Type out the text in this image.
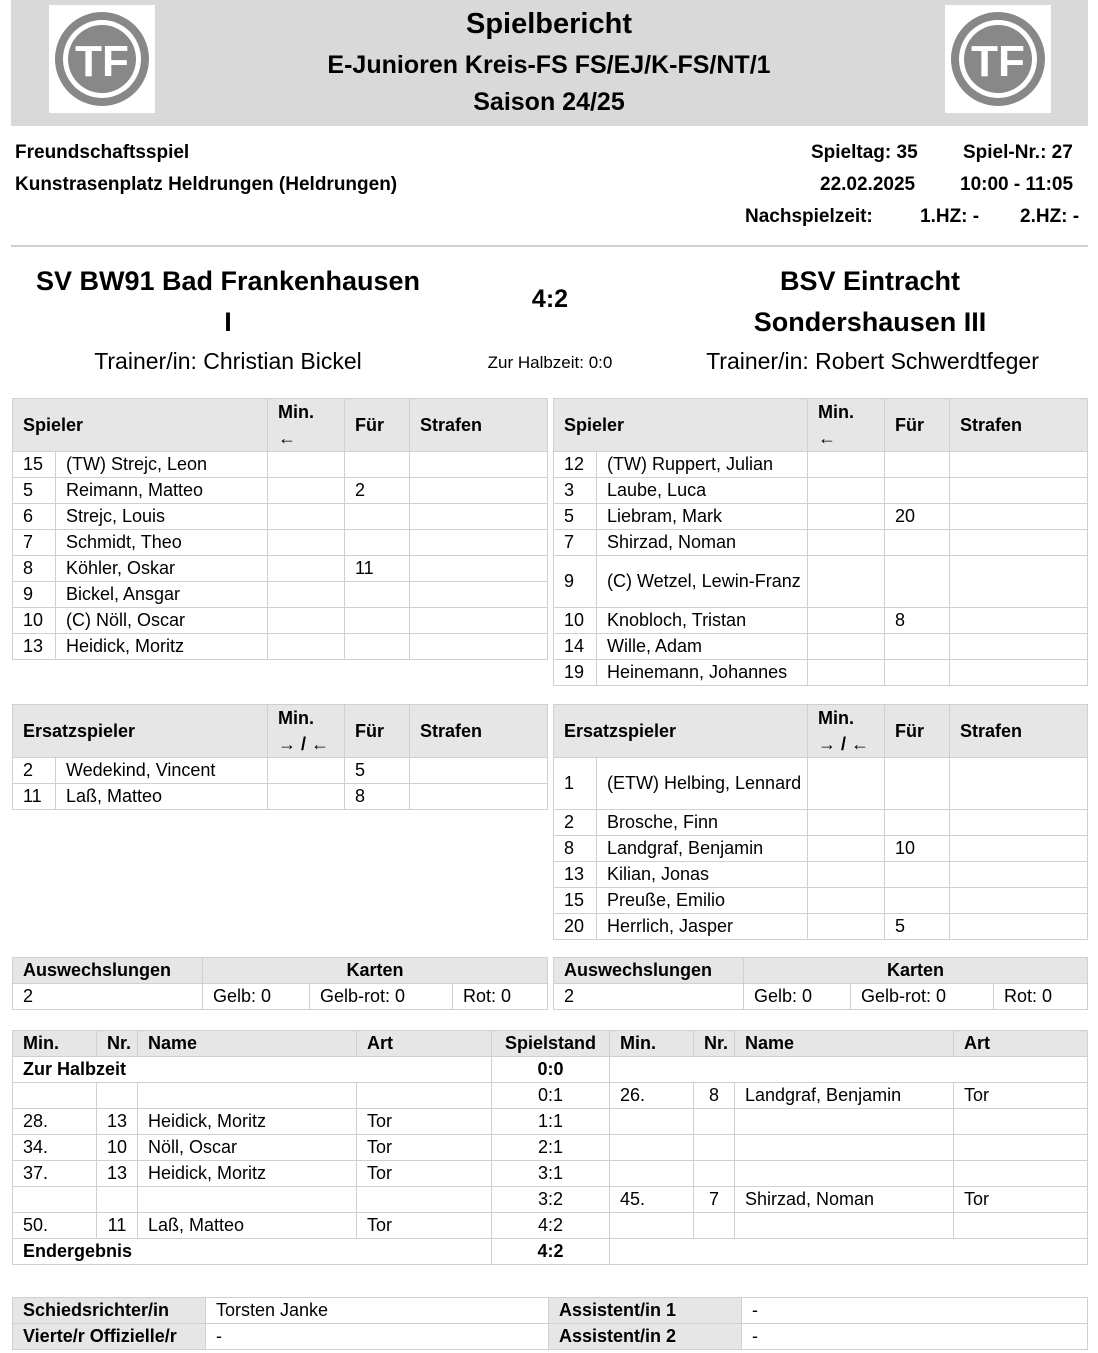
TF	TF
Spielbericht
E-Junioren Kreis-FS FS/EJ/K-FS/NT/1
Saison 24/25
Freundschaftsspiel
Kunstrasenplatz Heldrungen (Heldrungen)
Spieltag: 35 Spiel-Nr.: 27
22.02.2025 10:00 - 11:05
Nachspielzeit: 1.HZ: - 2.HZ: -
SV BW91 Bad Frankenhausen
I
4:2
BSV Eintracht
Sondershausen III
Trainer/in: Christian Bickel	Zur Halbzeit: 0:0	Trainer/in: Robert Schwerdtfeger
Spieler		Min.
←	Für	Strafen
15	(TW) Strejc, Leon			
5	Reimann, Matteo		2	
6	Strejc, Louis			
7	Schmidt, Theo			
8	Köhler, Oskar		11	
9	Bickel, Ansgar			
10	(C) Nöll, Oscar			
13	Heidick, Moritz			
Spieler		Min.
←	Für	Strafen
12	(TW) Ruppert, Julian			
3	Laube, Luca			
5	Liebram, Mark		20	
7	Shirzad, Noman			
9	(C) Wetzel, Lewin-Franz			
10	Knobloch, Tristan		8	
14	Wille, Adam			
19	Heinemann, Johannes			
Ersatzspieler		Min.
→ / ←	Für	Strafen
2	Wedekind, Vincent		5	
11	Laß, Matteo		8	
Ersatzspieler		Min.
→ / ←	Für	Strafen
1	(ETW) Helbing, Lennard			
2	Brosche, Finn			
8	Landgraf, Benjamin		10	
13	Kilian, Jonas			
15	Preuße, Emilio			
20	Herrlich, Jasper		5	
Auswechslungen	Karten		
2	Gelb: 0	Gelb-rot: 0	Rot: 0
Auswechslungen	Karten		
2	Gelb: 0	Gelb-rot: 0	Rot: 0
Min.	Nr.	Name	Art	Spielstand	Min.	Nr.	Name	Art
Zur Halbzeit				0:0				
				0:1	26.	8	Landgraf, Benjamin	Tor
28.	13	Heidick, Moritz	Tor	1:1				
34.	10	Nöll, Oscar	Tor	2:1				
37.	13	Heidick, Moritz	Tor	3:1				
				3:2	45.	7	Shirzad, Noman	Tor
50.	11	Laß, Matteo	Tor	4:2				
Endergebnis				4:2				
Schiedsrichter/in	Torsten Janke	Assistent/in 1	-
Vierte/r Offizielle/r	-	Assistent/in 2	-
